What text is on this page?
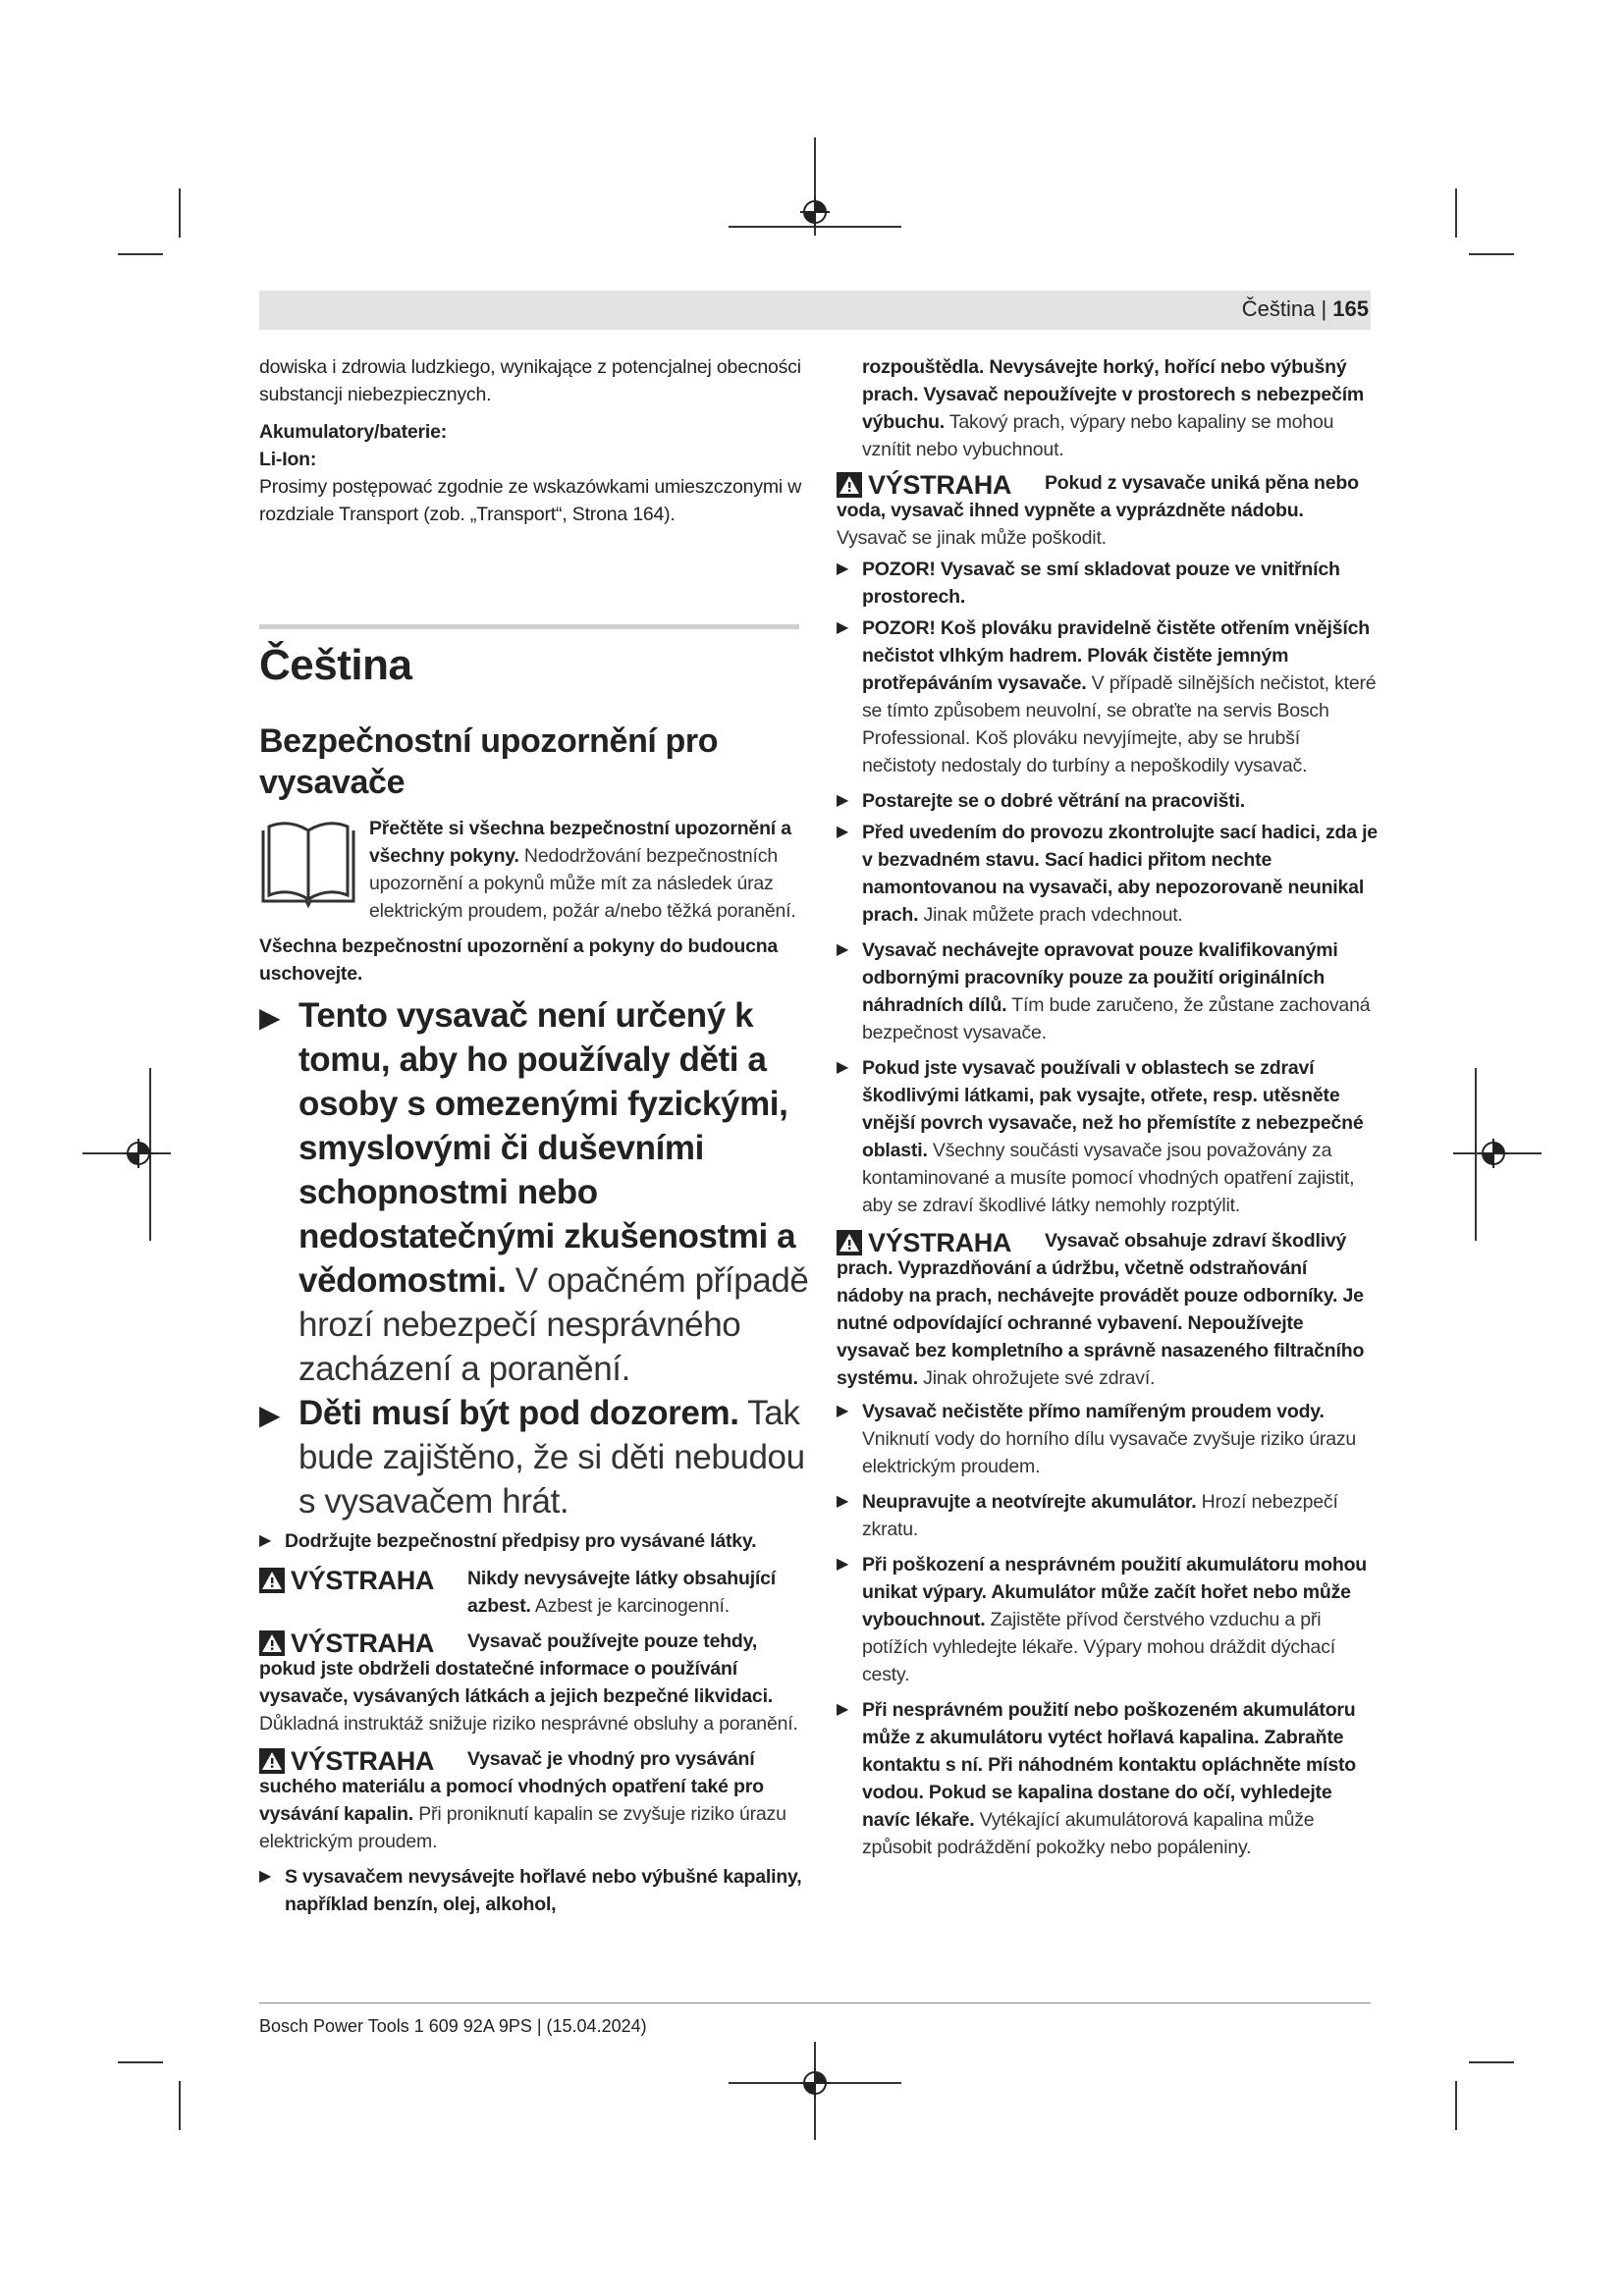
Čeština | 165

dowiska i zdrowia ludzkiego, wynikające z potencjalnej obecności substancji niebezpiecznych.

Akumulatory/baterie:

Li-Ion:

Prosimy postępować zgodnie ze wskazówkami umieszczonymi w rozdziale Transport (zob. „Transport“, Strona 164).

Čeština
Bezpečnostní upozornění pro vysavače

Přečtěte si všechna bezpečnostní upozornění a všechny pokyny. Nedodržování bezpečnostních upozornění a pokynů může mít za následek úraz elektrickým proudem, požár a/nebo těžká poranění.

Všechna bezpečnostní upozornění a pokyny do budoucna uschovejte.

▶ Tento vysavač není určený k tomu, aby ho používaly děti a osoby s omezenými fyzickými, smyslovými či duševními schopnostmi nebo nedostatečnými zkušenostmi a vědomostmi. V opačném případě hrozí nebezpečí nesprávného zacházení a poranění.
▶ Děti musí být pod dozorem. Tak bude zajištěno, že si děti nebudou s vysavačem hrát.
▶ Dodržujte bezpečnostní předpisy pro vysávané látky.
VÝSTRAHA	Nikdy nevysávejte látky obsahující azbest. Azbest je karcinogenní.

VÝSTRAHA	Vysavač používejte pouze tehdy, pokud jste obdrželi dostatečné informace o používání vysavače, vysávaných látkách a jejich bezpečné likvidaci. Důkladná instruktáž snižuje riziko nesprávné obsluhy a poranění.

VÝSTRAHA	Vysavač je vhodný pro vysávání suchého materiálu a pomocí vhodných opatření také pro vysávání kapalin. Při proniknutí kapalin se zvyšuje riziko úrazu elektrickým proudem.

▶ S vysavačem nevysávejte hořlavé nebo výbušné kapaliny, například benzín, olej, alkohol,

rozpouštědla. Nevysávejte horký, hořící nebo výbušný prach. Vysavač nepoužívejte v prostorech s nebezpečím výbuchu. Takový prach, výpary nebo kapaliny se mohou vznítit nebo vybuchnout.

VÝSTRAHA	Pokud z vysavače uniká pěna nebo voda, vysavač ihned vypněte a vyprázdněte nádobu. Vysavač se jinak může poškodit.

▶ POZOR! Vysavač se smí skladovat pouze ve vnitřních prostorech.
▶ POZOR! Koš plováku pravidelně čistěte otřením vnějších nečistot vlhkým hadrem. Plovák čistěte jemným protřepáváním vysavače. V případě silnějších nečistot, které se tímto způsobem neuvolní, se obraťte na servis Bosch Professional. Koš plováku nevyjímejte, aby se hrubší nečistoty nedostaly do turbíny a nepoškodily vysavač.
▶ Postarejte se o dobré větrání na pracovišti.
▶ Před uvedením do provozu zkontrolujte sací hadici, zda je v bezvadném stavu. Sací hadici přitom nechte namontovanou na vysavači, aby nepozorovaně neunikal prach. Jinak můžete prach vdechnout.
▶ Vysavač nechávejte opravovat pouze kvalifikovanými odbornými pracovníky pouze za použití originálních náhradních dílů. Tím bude zaručeno, že zůstane zachovaná bezpečnost vysavače.
▶ Pokud jste vysavač používali v oblastech se zdraví škodlivými látkami, pak vysajte, otřete, resp. utěsněte vnější povrch vysavače, než ho přemístíte z nebezpečné oblasti. Všechny součásti vysavače jsou považovány za kontaminované a musíte pomocí vhodných opatření zajistit, aby se zdraví škodlivé látky nemohly rozptýlit.
VÝSTRAHA	Vysavač obsahuje zdraví škodlivý prach. Vyprazdňování a údržbu, včetně odstraňování nádoby na prach, nechávejte provádět pouze odborníky. Je nutné odpovídající ochranné vybavení. Nepoužívejte vysavač bez kompletního a správně nasazeného filtračního systému. Jinak ohrožujete své zdraví.

▶ Vysavač nečistěte přímo namířeným proudem vody. Vniknutí vody do horního dílu vysavače zvyšuje riziko úrazu elektrickým proudem.
▶ Neupravujte a neotvírejte akumulátor. Hrozí nebezpečí zkratu.
▶ Při poškození a nesprávném použití akumulátoru mohou unikat výpary. Akumulátor může začít hořet nebo může vybouchnout. Zajistěte přívod čerstvého vzduchu a při potížích vyhledejte lékaře. Výpary mohou dráždit dýchací cesty.
▶ Při nesprávném použití nebo poškozeném akumulátoru může z akumulátoru vytéct hořlavá kapalina. Zabraňte kontaktu s ní. Při náhodném kontaktu opláchněte místo vodou. Pokud se kapalina dostane do očí, vyhledejte navíc lékaře. Vytékající akumulátorová kapalina může způsobit podráždění pokožky nebo popáleniny.
Bosch Power Tools 1 609 92A 9PS | (15.04.2024)
